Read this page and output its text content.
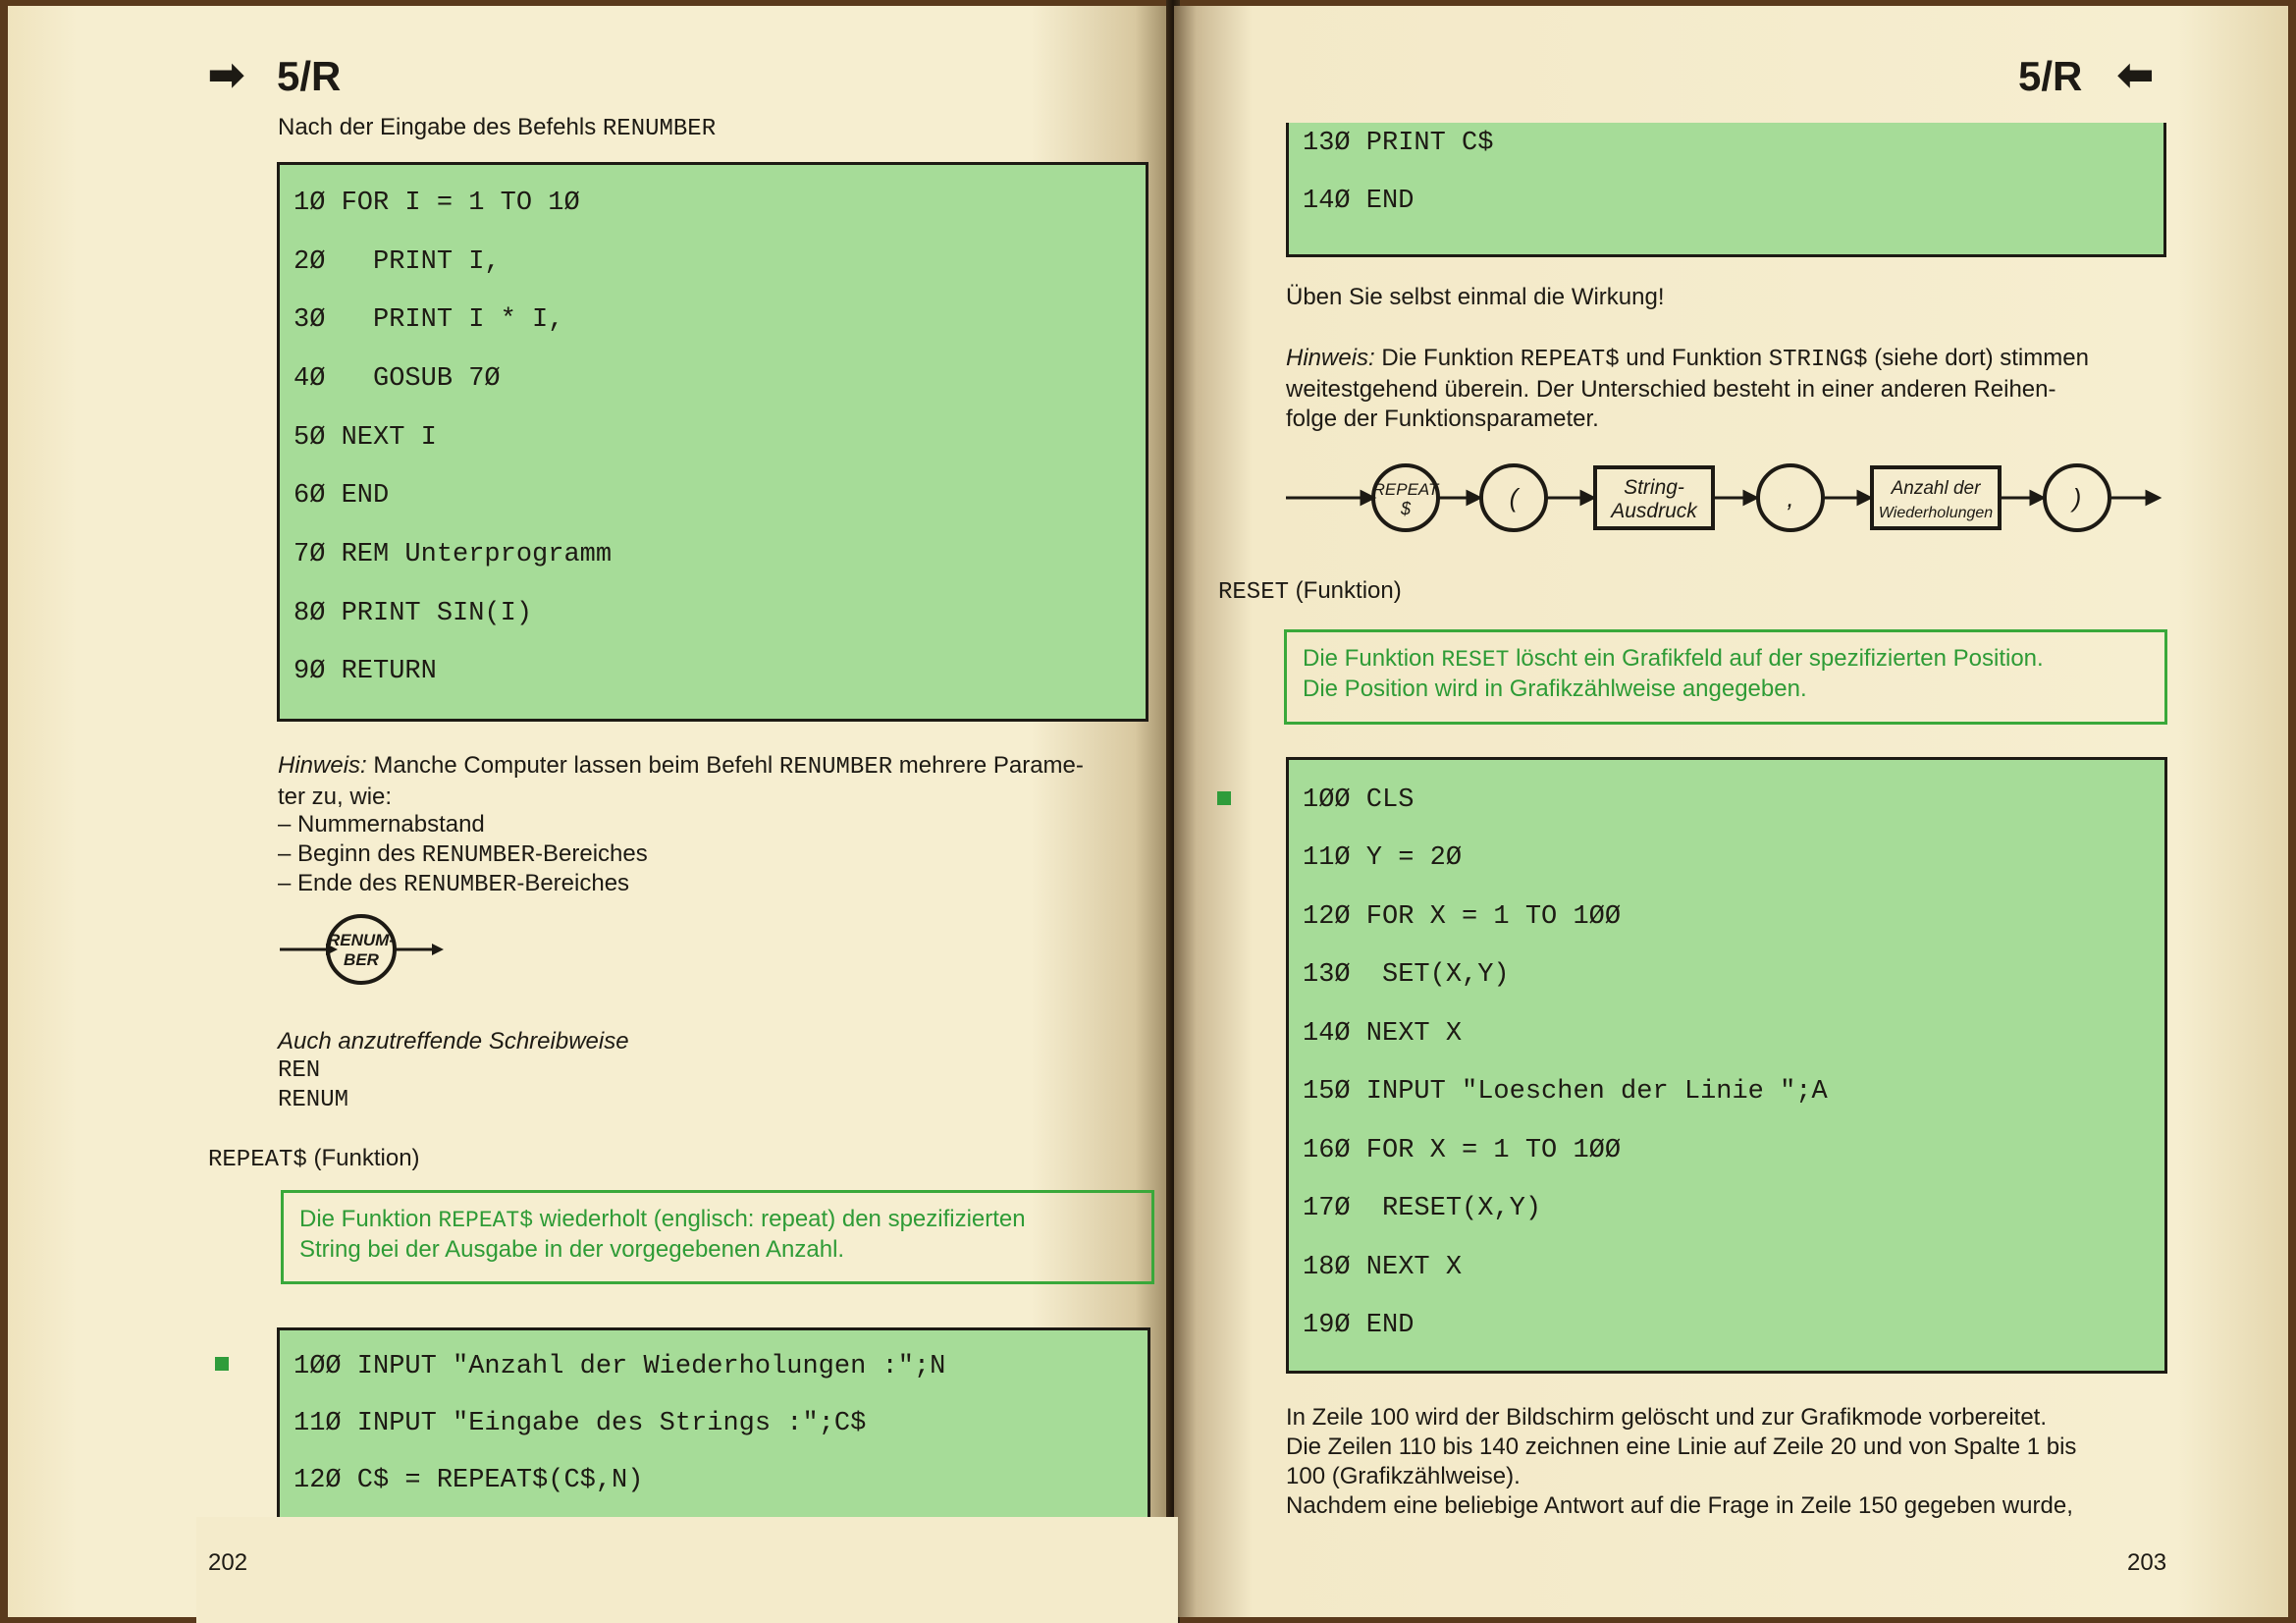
➡ 5/R
Nach der Eingabe des Befehls RENUMBER
1Ø FOR I = 1 TO 1Ø
2Ø   PRINT I,
3Ø   PRINT I * I,
4Ø   GOSUB 7Ø
5Ø NEXT I
6Ø END
7Ø REM Unterprogramm
8Ø PRINT SIN(I)
9Ø RETURN
Hinweis: Manche Computer lassen beim Befehl RENUMBER mehrere Parame-
ter zu, wie:
– Nummernabstand
– Beginn des RENUMBER-Bereiches
– Ende des RENUMBER-Bereiches
RENUM-
BER
Auch anzutreffende Schreibweise
REN
RENUM
REPEAT$ (Funktion)
Die Funktion REPEAT$ wiederholt (englisch: repeat) den spezifizierten
String bei der Ausgabe in der vorgegebenen Anzahl.
1ØØ INPUT "Anzahl der Wiederholungen :";N
11Ø INPUT "Eingabe des Strings :";C$
12Ø C$ = REPEAT$(C$,N)
202
5/R ⬅
13Ø PRINT C$
14Ø END
Üben Sie selbst einmal die Wirkung!
Hinweis: Die Funktion REPEAT$ und Funktion STRING$ (siehe dort) stimmen
weitestgehend überein. Der Unterschied besteht in einer anderen Reihen-
folge der Funktionsparameter.
REPEAT
$	(	String-
Ausdruck	,	Anzahl der
Wiederholungen
)
RESET (Funktion)
Die Funktion RESET löscht ein Grafikfeld auf der spezifizierten Position.
Die Position wird in Grafikzählweise angegeben.
1ØØ CLS
11Ø Y = 2Ø
12Ø FOR X = 1 TO 1ØØ
13Ø  SET(X,Y)
14Ø NEXT X
15Ø INPUT "Loeschen der Linie ";A
16Ø FOR X = 1 TO 1ØØ
17Ø  RESET(X,Y)
18Ø NEXT X
19Ø END
In Zeile 100 wird der Bildschirm gelöscht und zur Grafikmode vorbereitet.
Die Zeilen 110 bis 140 zeichnen eine Linie auf Zeile 20 und von Spalte 1 bis
100 (Grafikzählweise).
Nachdem eine beliebige Antwort auf die Frage in Zeile 150 gegeben wurde,
203
